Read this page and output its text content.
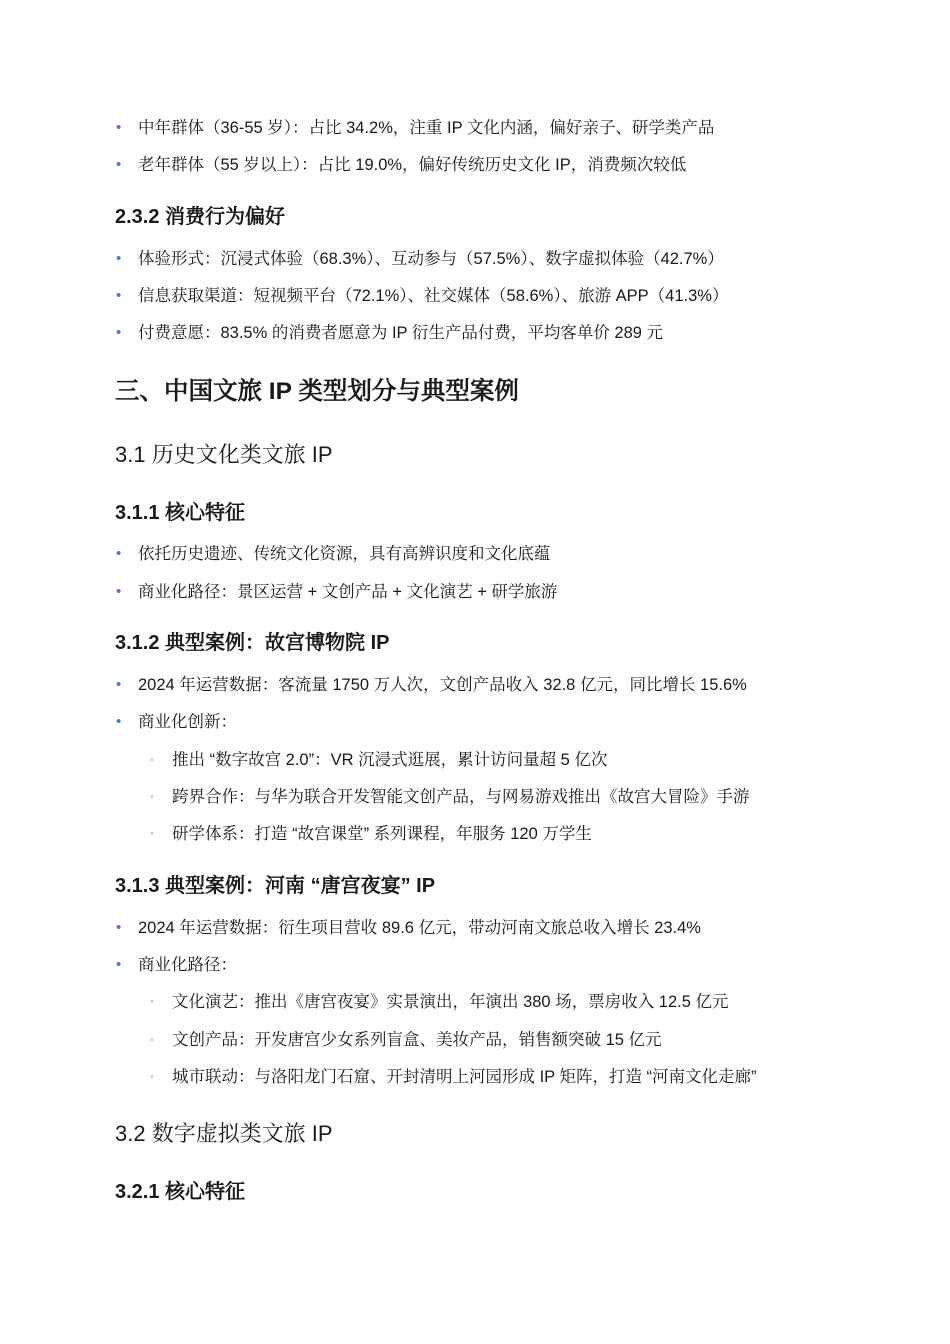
• 中年群体（36-55 岁）：占比 34.2%，注重 IP 文化内涵，偏好亲子、研学类产品
• 老年群体（55 岁以上）：占比 19.0%，偏好传统历史文化 IP，消费频次较低
2.3.2 消费行为偏好
• 体验形式：沉浸式体验（68.3%）、互动参与（57.5%）、数字虚拟体验（42.7%）
• 信息获取渠道：短视频平台（72.1%）、社交媒体（58.6%）、旅游 APP（41.3%）
• 付费意愿：83.5% 的消费者愿意为 IP 衍生产品付费，平均客单价 289 元
三、中国文旅 IP 类型划分与典型案例
3.1 历史文化类文旅 IP
3.1.1 核心特征
• 依托历史遗迹、传统文化资源，具有高辨识度和文化底蕴
• 商业化路径：景区运营 + 文创产品 + 文化演艺 + 研学旅游
3.1.2 典型案例：故宫博物院 IP
• 2024 年运营数据：客流量 1750 万人次，文创产品收入 32.8 亿元，同比增长 15.6%
• 商业化创新：
◦ 推出 “数字故宫 2.0”：VR 沉浸式逛展，累计访问量超 5 亿次
◦ 跨界合作：与华为联合开发智能文创产品，与网易游戏推出《故宫大冒险》手游
◦ 研学体系：打造 “故宫课堂” 系列课程，年服务 120 万学生
3.1.3 典型案例：河南 “唐宫夜宴” IP
• 2024 年运营数据：衍生项目营收 89.6 亿元，带动河南文旅总收入增长 23.4%
• 商业化路径：
◦ 文化演艺：推出《唐宫夜宴》实景演出，年演出 380 场，票房收入 12.5 亿元
◦ 文创产品：开发唐宫少女系列盲盒、美妆产品，销售额突破 15 亿元
◦ 城市联动：与洛阳龙门石窟、开封清明上河园形成 IP 矩阵，打造 “河南文化走廊”
3.2 数字虚拟类文旅 IP
3.2.1 核心特征
